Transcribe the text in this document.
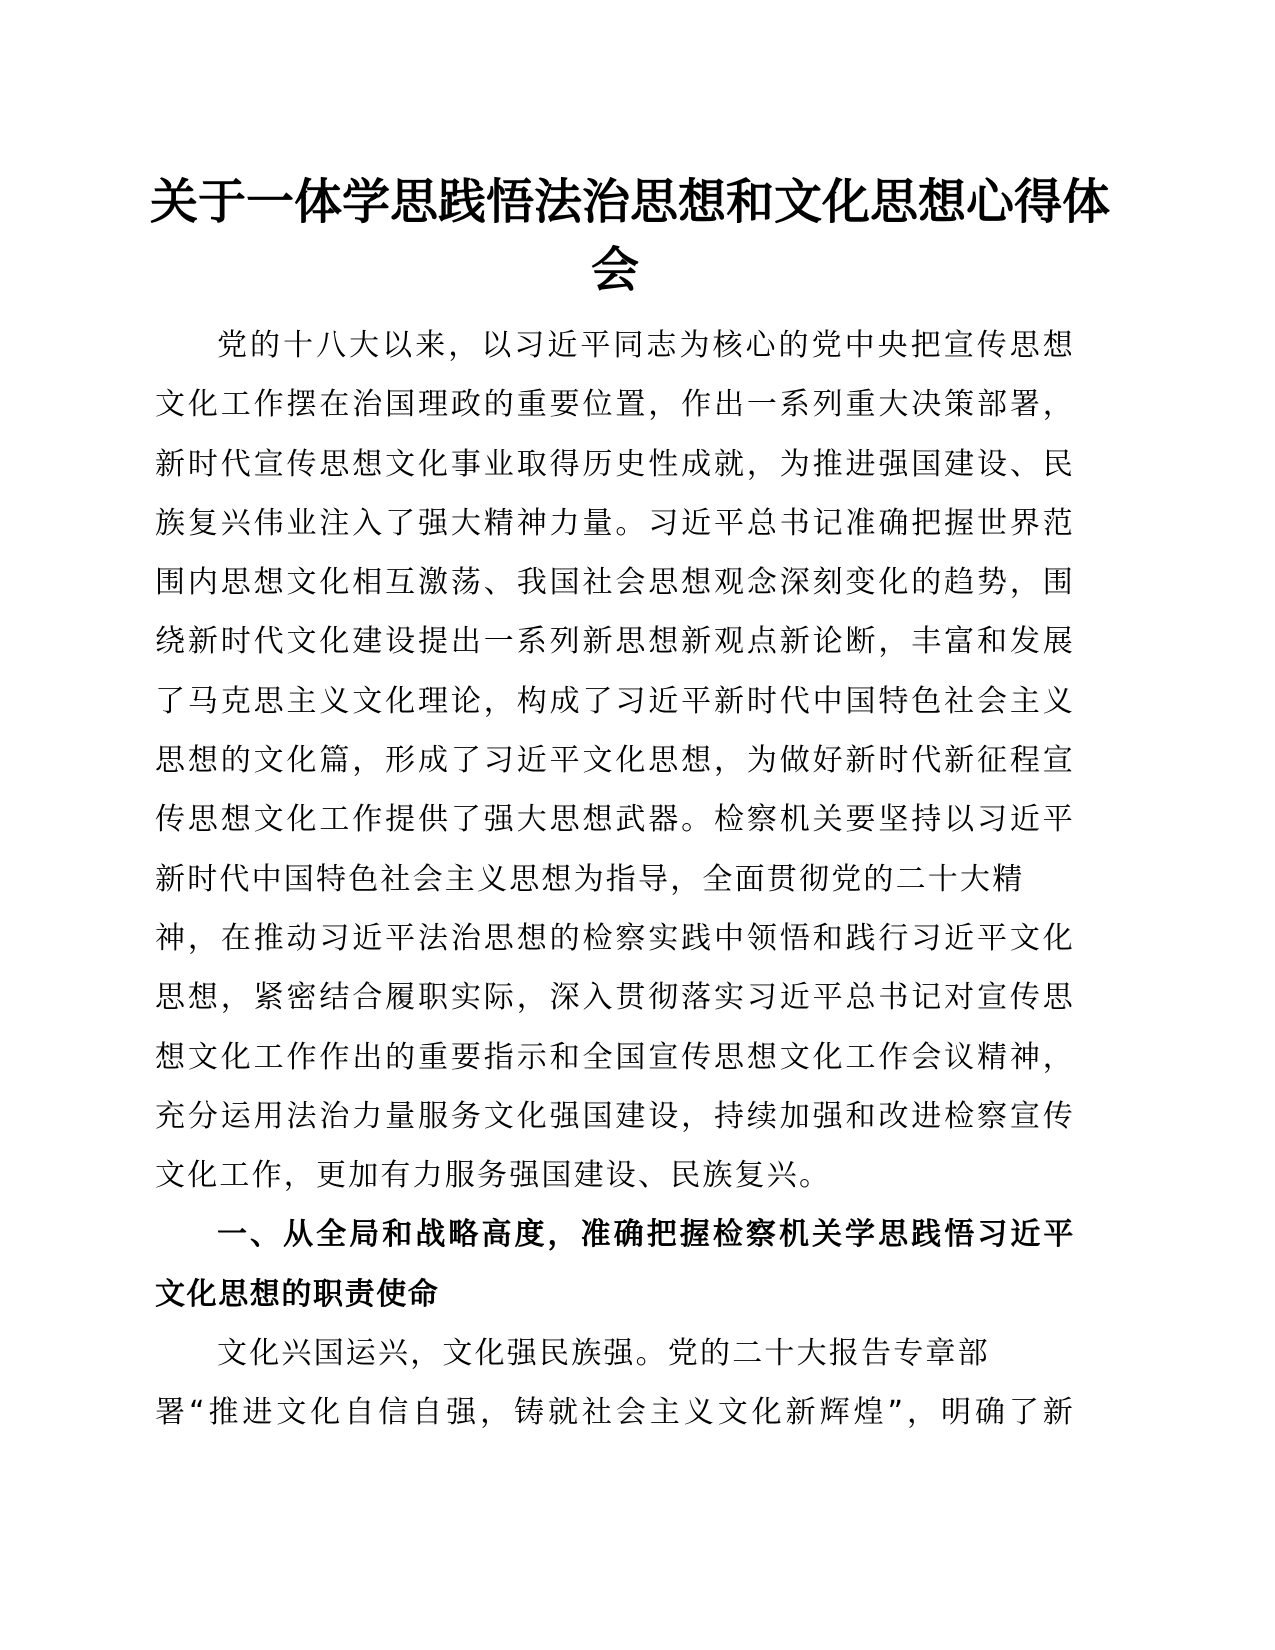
关于一体学思践悟法治思想和文化思想心得体
会
党的十八大以来，以习近平同志为核心的党中央把宣传思想
文化工作摆在治国理政的重要位置，作出一系列重大决策部署，
新时代宣传思想文化事业取得历史性成就，为推进强国建设、民
族复兴伟业注入了强大精神力量。习近平总书记准确把握世界范
围内思想文化相互激荡、我国社会思想观念深刻变化的趋势，围
绕新时代文化建设提出一系列新思想新观点新论断，丰富和发展
了马克思主义文化理论，构成了习近平新时代中国特色社会主义
思想的文化篇，形成了习近平文化思想，为做好新时代新征程宣
传思想文化工作提供了强大思想武器。检察机关要坚持以习近平
新时代中国特色社会主义思想为指导，全面贯彻党的二十大精
神，在推动习近平法治思想的检察实践中领悟和践行习近平文化
思想，紧密结合履职实际，深入贯彻落实习近平总书记对宣传思
想文化工作作出的重要指示和全国宣传思想文化工作会议精神，
充分运用法治力量服务文化强国建设，持续加强和改进检察宣传
文化工作，更加有力服务强国建设、民族复兴。
一、从全局和战略高度，准确把握检察机关学思践悟习近平
文化思想的职责使命
文化兴国运兴，文化强民族强。党的二十大报告专章部
署“推进文化自信自强，铸就社会主义文化新辉煌”，明确了新
